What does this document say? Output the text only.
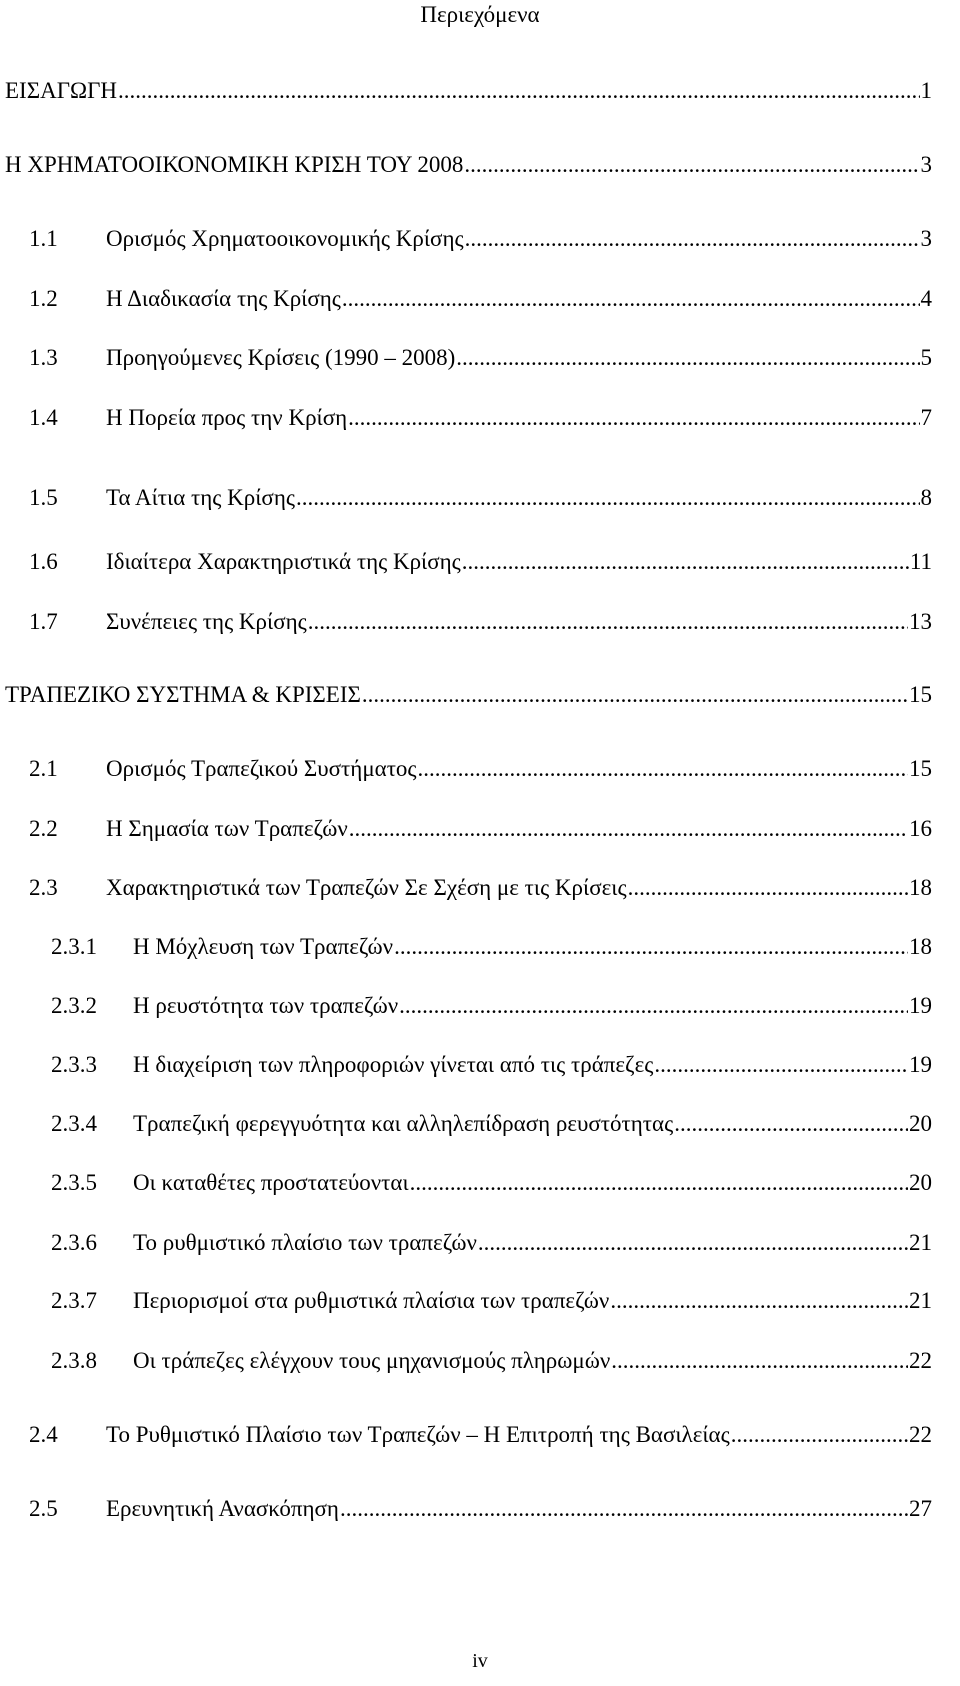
Περιεχόμενα
ΕΙΣΑΓΩΓΗ .....	1
Η ΧΡΗΜΑΤΟΟΙΚΟΝΟΜΙΚΗ ΚΡΙΣΗ ΤΟΥ 2008 .....	3
1.1	Ορισμός Χρηματοοικονομικής Κρίσης .....	3
1.2	Η Διαδικασία της Κρίσης .....	4
1.3	Προηγούμενες Κρίσεις (1990 – 2008) .....	5
1.4	Η Πορεία προς την Κρίση .....	7
1.5	Τα Αίτια της Κρίσης .....	8
1.6	Ιδιαίτερα Χαρακτηριστικά της Κρίσης .....	11
1.7	Συνέπειες της Κρίσης .....	13
ΤΡΑΠΕΖΙΚΟ ΣΥΣΤΗΜΑ & ΚΡΙΣΕΙΣ .....	15
2.1	Ορισμός Τραπεζικού Συστήματος .....	15
2.2	Η Σημασία των Τραπεζών .....	16
2.3	Χαρακτηριστικά των Τραπεζών Σε Σχέση με τις Κρίσεις .....	18
2.3.1	Η Μόχλευση των Τραπεζών .....	18
2.3.2	Η ρευστότητα των τραπεζών .....	19
2.3.3	Η διαχείριση των πληροφοριών γίνεται από τις τράπεζες .....	19
2.3.4	Τραπεζική φερεγγυότητα και αλληλεπίδραση ρευστότητας .....	20
2.3.5	Οι καταθέτες προστατεύονται .....	20
2.3.6	Το ρυθμιστικό πλαίσιο των τραπεζών .....	21
2.3.7	Περιορισμοί στα ρυθμιστικά πλαίσια των τραπεζών .....	21
2.3.8	Οι τράπεζες ελέγχουν τους μηχανισμούς πληρωμών .....	22
2.4	Το Ρυθμιστικό Πλαίσιο των Τραπεζών – Η Επιτροπή της Βασιλείας .....	22
2.5	Ερευνητική Ανασκόπηση .....	27
iv
